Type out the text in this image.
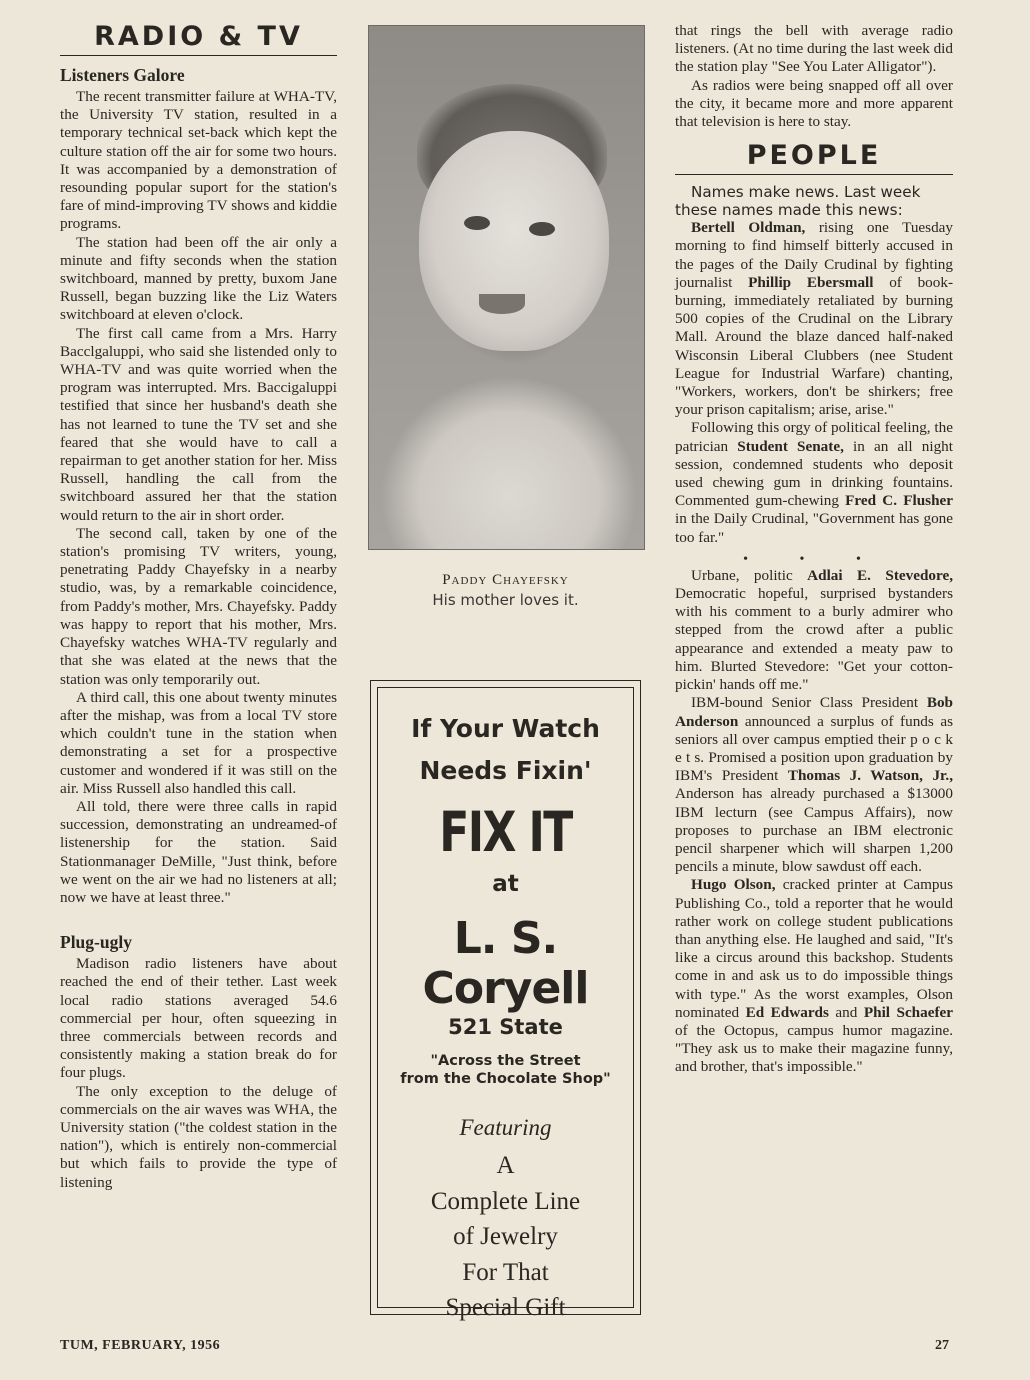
RADIO & TV
Listeners Galore

The recent transmitter failure at WHA-TV, the University TV station, resulted in a temporary technical set-back which kept the culture station off the air for some two hours. It was accompanied by a demonstration of resounding popular suport for the station's fare of mind-improving TV shows and kiddie programs.

The station had been off the air only a minute and fifty seconds when the station switchboard, manned by pretty, buxom Jane Russell, began buzzing like the Liz Waters switchboard at eleven o'clock.

The first call came from a Mrs. Harry Bacclgaluppi, who said she listended only to WHA-TV and was quite worried when the program was interrupted. Mrs. Baccigaluppi testified that since her husband's death she has not learned to tune the TV set and she feared that she would have to call a repairman to get another station for her. Miss Russell, handling the call from the switchboard assured her that the station would return to the air in short order.

The second call, taken by one of the station's promising TV writers, young, penetrating Paddy Chayefsky in a nearby studio, was, by a remarkable coincidence, from Paddy's mother, Mrs. Chayefsky. Paddy was happy to report that his mother, Mrs. Chayefsky watches WHA-TV regularly and that she was elated at the news that the station was only temporarily out.

A third call, this one about twenty minutes after the mishap, was from a local TV store which couldn't tune in the station when demonstrating a set for a prospective customer and wondered if it was still on the air. Miss Russell also handled this call.

All told, there were three calls in rapid succession, demonstrating an undreamed-of listenership for the station. Said Stationmanager DeMille, "Just think, before we went on the air we had no listeners at all; now we have at least three."

Plug-ugly

Madison radio listeners have about reached the end of their tether. Last week local radio stations averaged 54.6 commercial per hour, often squeezing in three commercials between records and consistently making a station break do for four plugs.

The only exception to the deluge of commercials on the air waves was WHA, the University station ("the coldest station in the nation"), which is entirely non-commercial but which fails to provide the type of listening

Paddy Chayefsky
His mother loves it.
If Your Watch
Needs Fixin'
FIX IT
at
L. S. Coryell
521 State
"Across the Street
from the Chocolate Shop"
Featuring
A
Complete Line
of Jewelry
For That
Special Gift

that rings the bell with average radio listeners. (At no time during the last week did the station play "See You Later Alligator").

As radios were being snapped off all over the city, it became more and more apparent that television is here to stay.

PEOPLE

Names make news. Last week these names made this news:

Bertell Oldman, rising one Tuesday morning to find himself bitterly accused in the pages of the Daily Crudinal by fighting journalist Phillip Ebersmall of book-burning, immediately retaliated by burning 500 copies of the Crudinal on the Library Mall. Around the blaze danced half-naked Wisconsin Liberal Clubbers (nee Student League for Industrial Warfare) chanting, "Workers, workers, don't be shirkers; free your prison capitalism; arise, arise."

Following this orgy of political feeling, the patrician Student Senate, in an all night session, condemned students who deposit used chewing gum in drinking fountains. Commented gum-chewing Fred C. Flusher in the Daily Crudinal, "Government has gone too far."

• • •

Urbane, politic Adlai E. Stevedore, Democratic hopeful, surprised bystanders with his comment to a burly admirer who stepped from the crowd after a public appearance and extended a meaty paw to him. Blurted Stevedore: "Get your cotton-pickin' hands off me."

IBM-bound Senior Class President Bob Anderson announced a surplus of funds as seniors all over campus emptied their p o c k e t s. Promised a position upon graduation by IBM's President Thomas J. Watson, Jr., Anderson has already purchased a $13000 IBM lecturn (see Campus Affairs), now proposes to purchase an IBM electronic pencil sharpener which will sharpen 1,200 pencils a minute, blow sawdust off each.

Hugo Olson, cracked printer at Campus Publishing Co., told a reporter that he would rather work on college student publications than anything else. He laughed and said, "It's like a circus around this backshop. Students come in and ask us to do impossible things with type." As the worst examples, Olson nominated Ed Edwards and Phil Schaefer of the Octopus, campus humor magazine. "They ask us to make their magazine funny, and brother, that's impossible."

TUM, FEBRUARY, 1956	27
